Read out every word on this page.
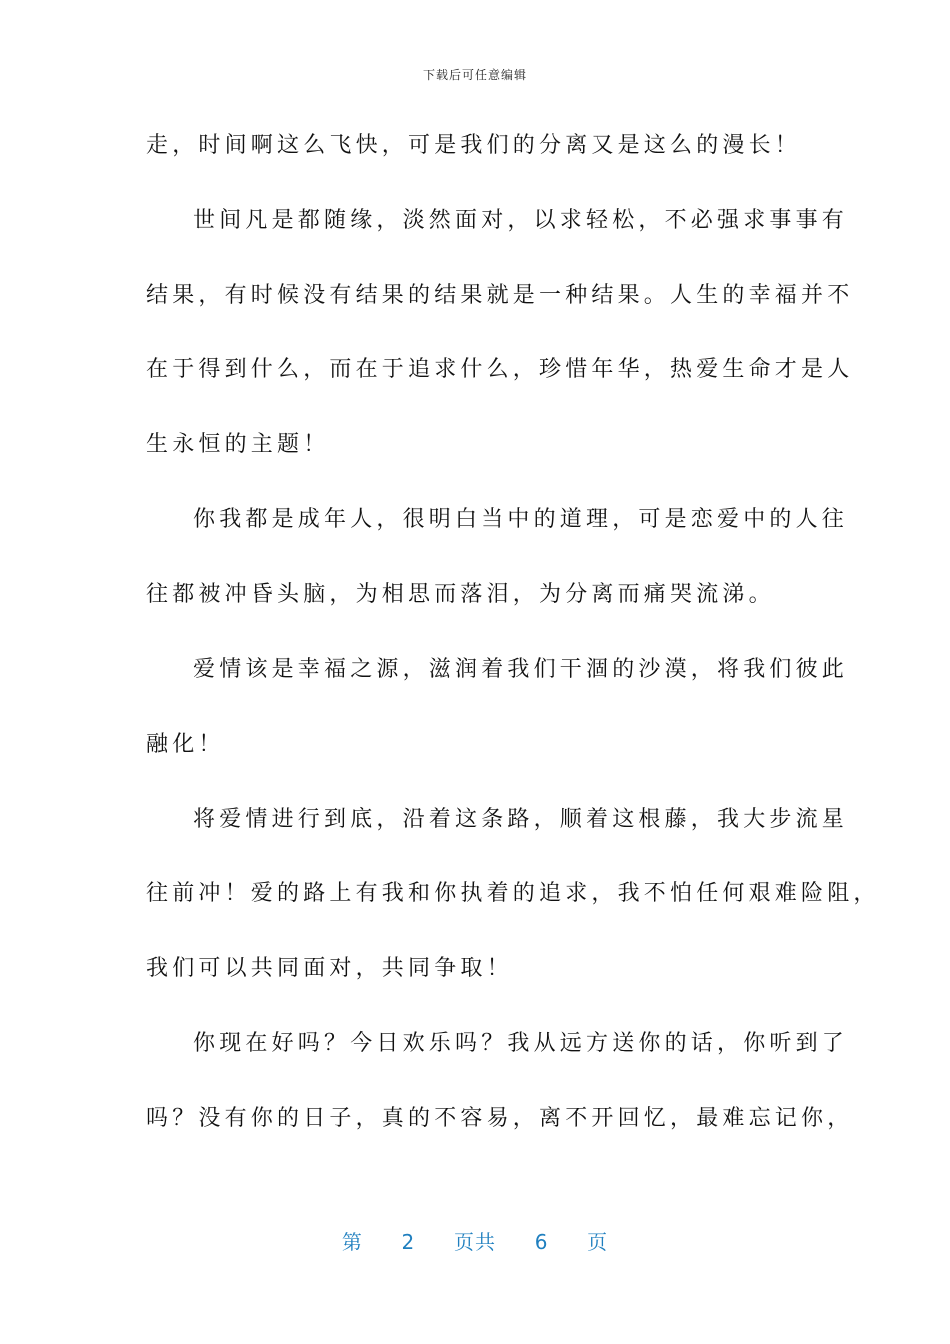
下载后可任意编辑
走，时间啊这么飞快，可是我们的分离又是这么的漫长！
世间凡是都随缘，淡然面对，以求轻松，不必强求事事有
结果，有时候没有结果的结果就是一种结果。人生的幸福并不
在于得到什么，而在于追求什么，珍惜年华，热爱生命才是人
生永恒的主题！
你我都是成年人，很明白当中的道理，可是恋爱中的人往
往都被冲昏头脑，为相思而落泪，为分离而痛哭流涕。
爱情该是幸福之源，滋润着我们干涸的沙漠，将我们彼此
融化！
将爱情进行到底，沿着这条路，顺着这根藤，我大步流星
往前冲！爱的路上有我和你执着的追求，我不怕任何艰难险阻，
我们可以共同面对，共同争取！
你现在好吗？今日欢乐吗？我从远方送你的话，你听到了
吗？没有你的日子，真的不容易，离不开回忆，最难忘记你，
第 2 页共 6 页
